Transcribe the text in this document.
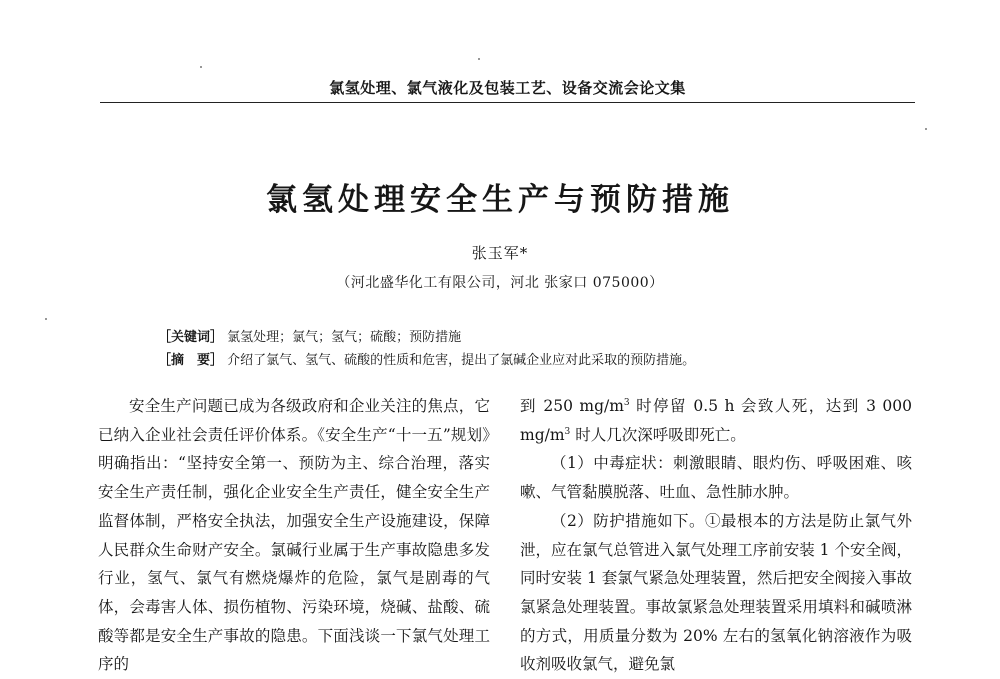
氯氢处理、氯气液化及包装工艺、设备交流会论文集
氯氢处理安全生产与预防措施
张玉军*
（河北盛华化工有限公司，河北 张家口 075000）
［关键词］ 氯氢处理；氯气；氢气；硫酸；预防措施
［摘　要］ 介绍了氯气、氢气、硫酸的性质和危害，提出了氯碱企业应对此采取的预防措施。

安全生产问题已成为各级政府和企业关注的焦点，它已纳入企业社会责任评价体系。《安全生产“十一五”规划》明确指出：“坚持安全第一、预防为主、综合治理，落实安全生产责任制，强化企业安全生产责任，健全安全生产监督体制，严格安全执法，加强安全生产设施建设，保障人民群众生命财产安全。氯碱行业属于生产事故隐患多发行业，氢气、氯气有燃烧爆炸的危险，氯气是剧毒的气体，会毒害人体、损伤植物、污染环境，烧碱、盐酸、硫酸等都是安全生产事故的隐患。下面浅谈一下氯气处理工序的

到 250 $mg/m^3$ 时停留 0.5 h 会致人死，达到 3 000 $mg/m^3$ 时人几次深呼吸即死亡。

（1）中毒症状：刺激眼睛、眼灼伤、呼吸困难、咳嗽、气管黏膜脱落、吐血、急性肺水肿。

（2）防护措施如下。①最根本的方法是防止氯气外泄，应在氯气总管进入氯气处理工序前安装 1 个安全阀，同时安装 1 套氯气紧急处理装置，然后把安全阀接入事故氯紧急处理装置。事故氯紧急处理装置采用填料和碱喷淋的方式，用质量分数为 20% 左右的氢氧化钠溶液作为吸收剂吸收氯气，避免氯
